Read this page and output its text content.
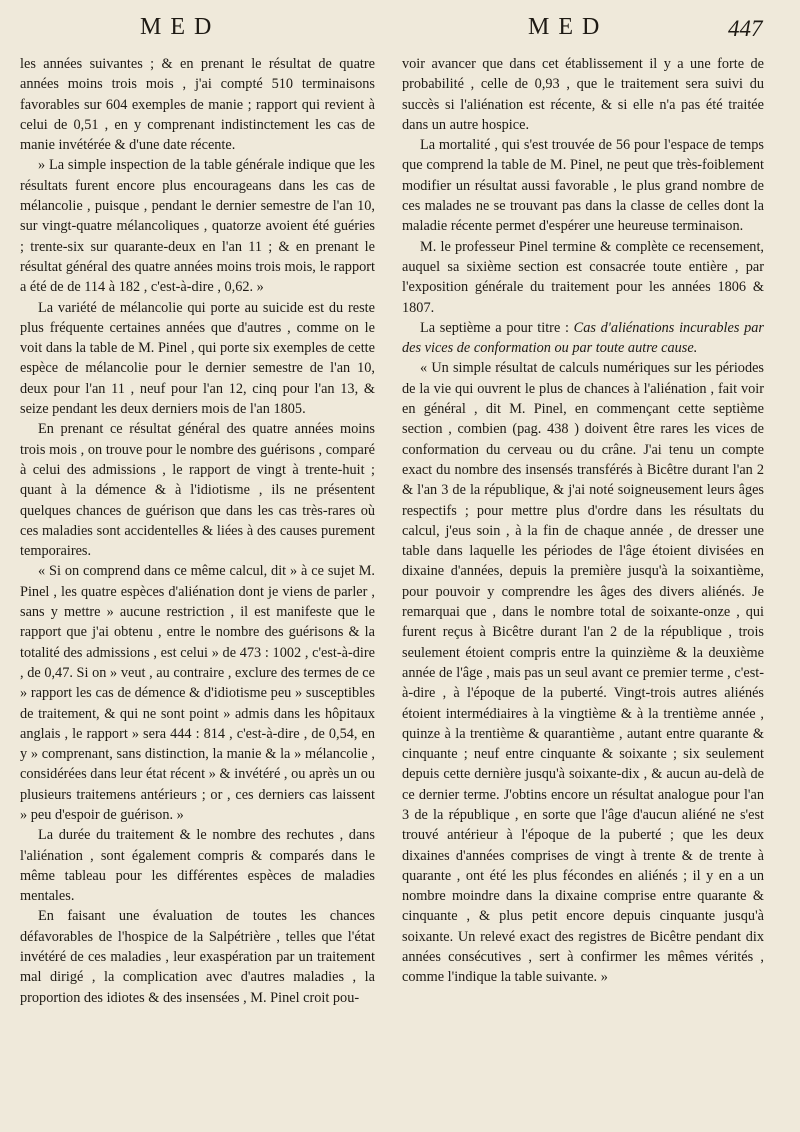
MED	MED	447

les années suivantes ; & en prenant le résultat de quatre années moins trois mois , j'ai compté 510 terminaisons favorables sur 604 exemples de manie ; rapport qui revient à celui de 0,51 , en y comprenant indistinctement les cas de manie invétérée & d'une date récente.

» La simple inspection de la table générale indique que les résultats furent encore plus encourageans dans les cas de mélancolie , puisque , pendant le dernier semestre de l'an 10, sur vingt-quatre mélancoliques , quatorze avoient été guéries ; trente-six sur quarante-deux en l'an 11 ; & en prenant le résultat général des quatre années moins trois mois, le rapport a été de de 114 à 182 , c'est-à-dire , 0,62. »

La variété de mélancolie qui porte au suicide est du reste plus fréquente certaines années que d'autres , comme on le voit dans la table de M. Pinel , qui porte six exemples de cette espèce de mélancolie pour le dernier semestre de l'an 10, deux pour l'an 11 , neuf pour l'an 12, cinq pour l'an 13, & seize pendant les deux derniers mois de l'an 1805.

En prenant ce résultat général des quatre années moins trois mois , on trouve pour le nombre des guérisons , comparé à celui des admissions , le rapport de vingt à trente-huit ; quant à la démence & à l'idiotisme , ils ne présentent quelques chances de guérison que dans les cas très-rares où ces maladies sont accidentelles & liées à des causes purement temporaires.

« Si on comprend dans ce même calcul, dit » à ce sujet M. Pinel , les quatre espèces d'aliénation dont je viens de parler , sans y mettre » aucune restriction , il est manifeste que le rapport que j'ai obtenu , entre le nombre des guérisons & la totalité des admissions , est celui » de 473 : 1002 , c'est-à-dire , de 0,47. Si on » veut , au contraire , exclure des termes de ce » rapport les cas de démence & d'idiotisme peu » susceptibles de traitement, & qui ne sont point » admis dans les hôpitaux anglais , le rapport » sera 444 : 814 , c'est-à-dire , de 0,54, en y » comprenant, sans distinction, la manie & la » mélancolie , considérées dans leur état récent » & invétéré , ou après un ou plusieurs traitemens antérieurs ; or , ces derniers cas laissent » peu d'espoir de guérison. »

La durée du traitement & le nombre des rechutes , dans l'aliénation , sont également compris & comparés dans le même tableau pour les différentes espèces de maladies mentales.

En faisant une évaluation de toutes les chances défavorables de l'hospice de la Salpétrière , telles que l'état invétéré de ces maladies , leur exaspération par un traitement mal dirigé , la complication avec d'autres maladies , la proportion des idiotes & des insensées , M. Pinel croit pou-

voir avancer que dans cet établissement il y a une forte de probabilité , celle de 0,93 , que le traitement sera suivi du succès si l'aliénation est récente, & si elle n'a pas été traitée dans un autre hospice.

La mortalité , qui s'est trouvée de 56 pour l'espace de temps que comprend la table de M. Pinel, ne peut que très-foiblement modifier un résultat aussi favorable , le plus grand nombre de ces malades ne se trouvant pas dans la classe de celles dont la maladie récente permet d'espérer une heureuse terminaison.

M. le professeur Pinel termine & complète ce recensement, auquel sa sixième section est consacrée toute entière , par l'exposition générale du traitement pour les années 1806 & 1807.

La septième a pour titre : Cas d'aliénations incurables par des vices de conformation ou par toute autre cause.

« Un simple résultat de calculs numériques sur les périodes de la vie qui ouvrent le plus de chances à l'aliénation , fait voir en général , dit M. Pinel, en commençant cette septième section , combien (pag. 438 ) doivent être rares les vices de conformation du cerveau ou du crâne. J'ai tenu un compte exact du nombre des insensés transférés à Bicêtre durant l'an 2 & l'an 3 de la république, & j'ai noté soigneusement leurs âges respectifs ; pour mettre plus d'ordre dans les résultats du calcul, j'eus soin , à la fin de chaque année , de dresser une table dans laquelle les périodes de l'âge étoient divisées en dixaine d'années, depuis la première jusqu'à la soixantième, pour pouvoir y comprendre les âges des divers aliénés. Je remarquai que , dans le nombre total de soixante-onze , qui furent reçus à Bicêtre durant l'an 2 de la république , trois seulement étoient compris entre la quinzième & la deuxième année de l'âge , mais pas un seul avant ce premier terme , c'est-à-dire , à l'époque de la puberté. Vingt-trois autres aliénés étoient intermédiaires à la vingtième & à la trentième année , quinze à la trentième & quarantième , autant entre quarante & cinquante ; neuf entre cinquante & soixante ; six seulement depuis cette dernière jusqu'à soixante-dix , & aucun au-delà de ce dernier terme. J'obtins encore un résultat analogue pour l'an 3 de la république , en sorte que l'âge d'aucun aliéné ne s'est trouvé antérieur à l'époque de la puberté ; que les deux dixaines d'années comprises de vingt à trente & de trente à quarante , ont été les plus fécondes en aliénés ; il y en a un nombre moindre dans la dixaine comprise entre quarante & cinquante , & plus petit encore depuis cinquante jusqu'à soixante. Un relevé exact des registres de Bicêtre pendant dix années consécutives , sert à confirmer les mêmes vérités , comme l'indique la table suivante. »
